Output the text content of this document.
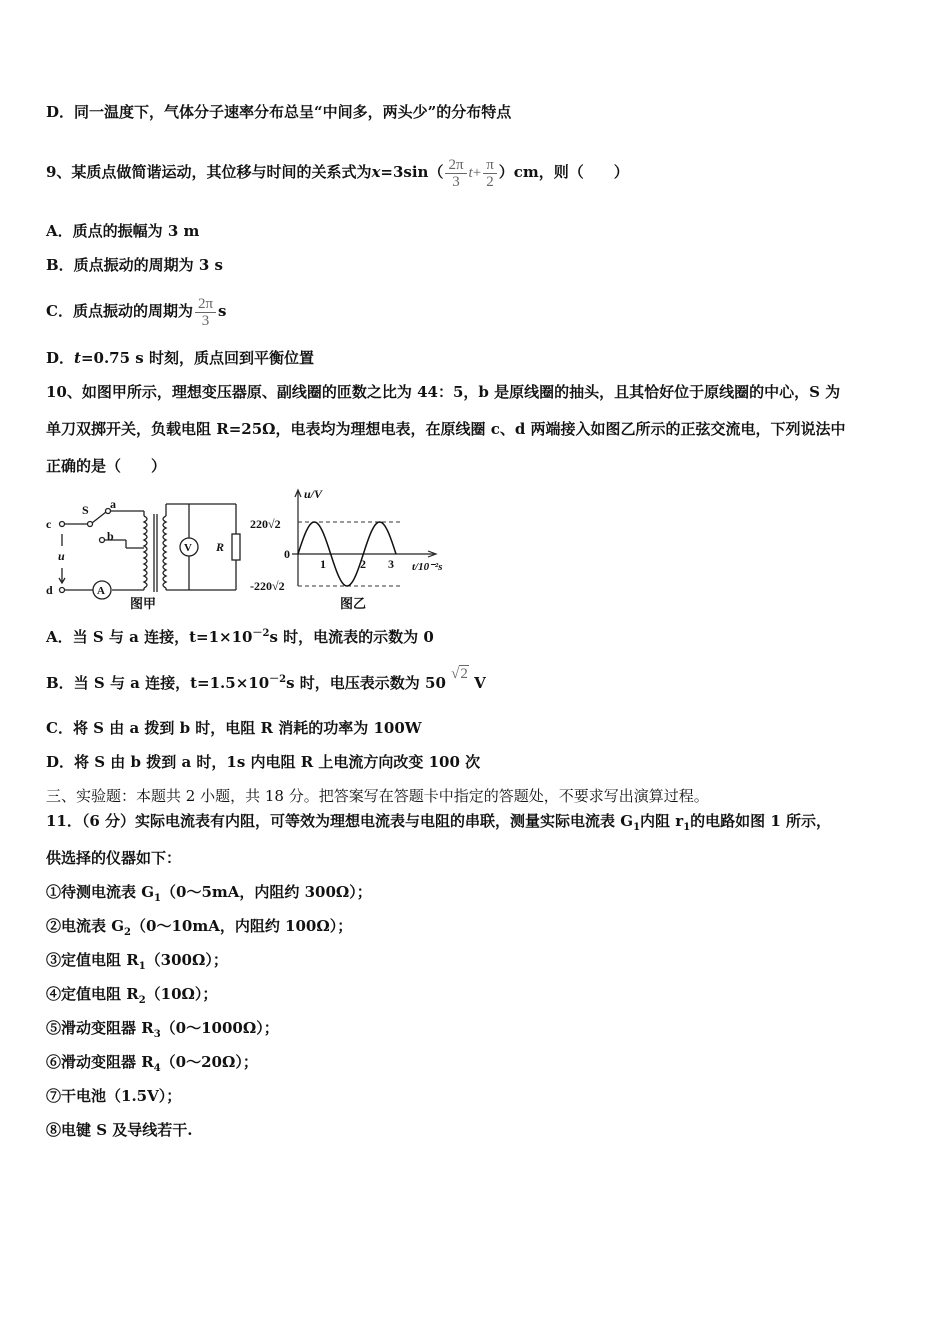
D．同一温度下，气体分子速率分布总呈“中间多，两头少”的分布特点
9、某质点做简谐运动，其位移与时间的关系式为$x=3\sin( \frac{2\pi}{3} t+ \frac{\pi}{2} )cm$，则（　　）
A．质点的振幅为 3 m
B．质点振动的周期为 3 s
C．质点振动的周期为 $\frac{2\pi}{3}$ s
D．t=0.75 s 时刻，质点回到平衡位置
10、如图甲所示，理想变压器原、副线圈的匝数之比为 44：5，b 是原线圈的抽头，且其恰好位于原线圈的中心，S 为
单刀双掷开关，负载电阻 R=25Ω，电表均为理想电表，在原线圈 c、d 两端接入如图乙所示的正弦交流电，下列说法中
正确的是（　　）
c
d
u
S a
b
V R
A
图甲
u/V
t/10⁻²s
220√2
0
-220√2
1	2 3
图乙
A．当 S 与 a 连接，$t=1\times 10^{-2}s$ 时，电流表的示数为 0
B．当 S 与 a 连接，$t=1.5\times 10^{-2}s$ 时，电压表示数为 50 √2 V
C．将 S 由 a 拨到 b 时，电阻 R 消耗的功率为 100W
D．将 S 由 b 拨到 a 时，1s 内电阻 R 上电流方向改变 100 次
三、实验题：本题共 2 小题，共 18 分。把答案写在答题卡中指定的答题处，不要求写出演算过程。
11．（6 分）实际电流表有内阻，可等效为理想电流表与电阻的串联，测量实际电流表 $G_1$内阻 $r_1$的电路如图 1 所示，
供选择的仪器如下：
①待测电流表 $G_1(0\sim 5mA$，内阻约 300Ω）；
②电流表 $G_2(0\sim 10mA$，内阻约 100Ω）；
③定值电阻 $R_1(300\Omega)$；
④定值电阻 $R_2(10\Omega)$；
⑤滑动变阻器 $R_3(0\sim 1000\Omega)$；
⑥滑动变阻器 $R_4(0\sim 20\Omega)$；
⑦干电池（1.5V）；
⑧电键 S 及导线若干.
